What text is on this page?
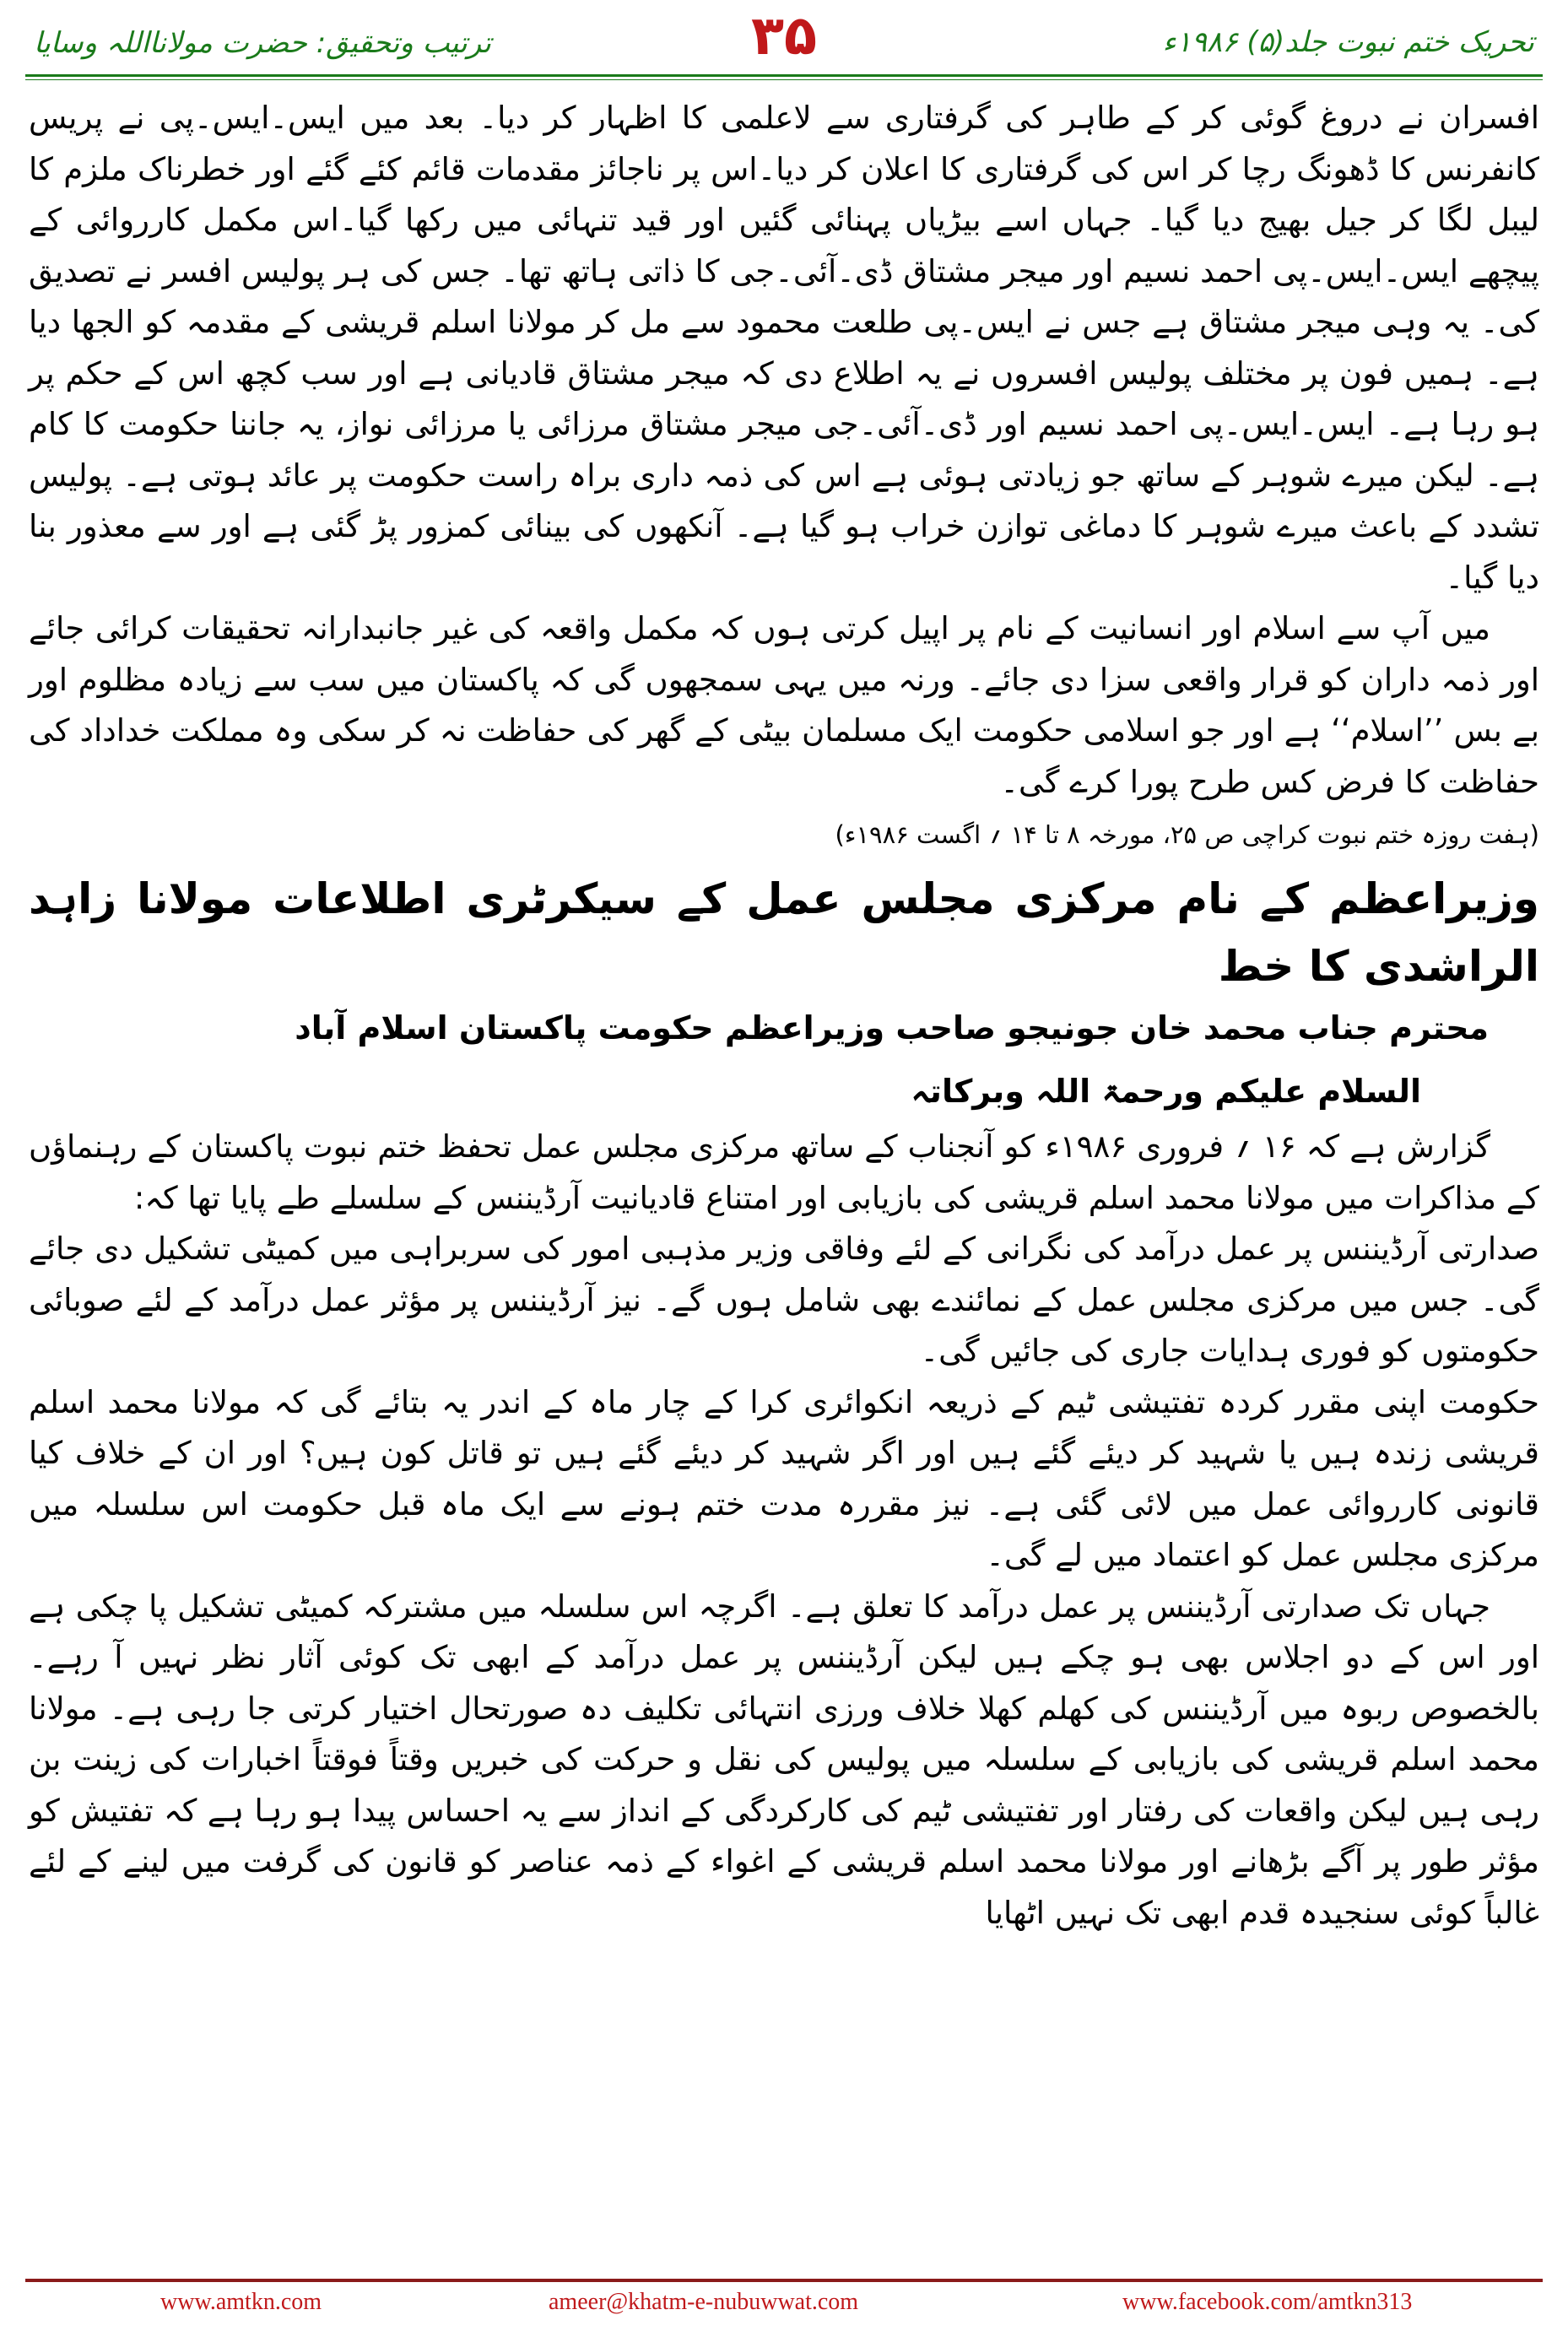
تحریک ختم نبوت جلد(۵) ۱۹۸۶ء
۳۵
ترتیب وتحقیق: حضرت مولانااللہ وسایا

افسران نے دروغ گوئی کر کے طاہر کی گرفتاری سے لاعلمی کا اظہار کر دیا۔ بعد میں ایس۔ایس۔پی نے پریس کانفرنس کا ڈھونگ رچا کر اس کی گرفتاری کا اعلان کر دیا۔اس پر ناجائز مقدمات قائم کئے گئے اور خطرناک ملزم کا لیبل لگا کر جیل بھیج دیا گیا۔ جہاں اسے بیڑیاں پہنائی گئیں اور قید تنہائی میں رکھا گیا۔اس مکمل کارروائی کے پیچھے ایس۔ایس۔پی احمد نسیم اور میجر مشتاق ڈی۔آئی۔جی کا ذاتی ہاتھ تھا۔ جس کی ہر پولیس افسر نے تصدیق کی۔ یہ وہی میجر مشتاق ہے جس نے ایس۔پی طلعت محمود سے مل کر مولانا اسلم قریشی کے مقدمہ کو الجھا دیا ہے۔ ہمیں فون پر مختلف پولیس افسروں نے یہ اطلاع دی کہ میجر مشتاق قادیانی ہے اور سب کچھ اس کے حکم پر ہو رہا ہے۔ ایس۔ایس۔پی احمد نسیم اور ڈی۔آئی۔جی میجر مشتاق مرزائی یا مرزائی نواز، یہ جاننا حکومت کا کام ہے۔ لیکن میرے شوہر کے ساتھ جو زیادتی ہوئی ہے اس کی ذمہ داری براہ راست حکومت پر عائد ہوتی ہے۔ پولیس تشدد کے باعث میرے شوہر کا دماغی توازن خراب ہو گیا ہے۔ آنکھوں کی بینائی کمزور پڑ گئی ہے اور سے معذور بنا دیا گیا۔

میں آپ سے اسلام اور انسانیت کے نام پر اپیل کرتی ہوں کہ مکمل واقعہ کی غیر جانبدارانہ تحقیقات کرائی جائے اور ذمہ داران کو قرار واقعی سزا دی جائے۔ ورنہ میں یہی سمجھوں گی کہ پاکستان میں سب سے زیادہ مظلوم اور بے بس ’’اسلام‘‘ ہے اور جو اسلامی حکومت ایک مسلمان بیٹی کے گھر کی حفاظت نہ کر سکی وہ مملکت خداداد کی حفاظت کا فرض کس طرح پورا کرے گی۔

(ہفت روزہ ختم نبوت کراچی ص ۲۵، مورخہ ۸ تا ۱۴ ؍ اگست ۱۹۸۶ء)

وزیراعظم کے نام مرکزی مجلس عمل کے سیکرٹری اطلاعات مولانا زاہد الراشدی کا خط

محترم جناب محمد خان جونیجو صاحب وزیراعظم حکومت پاکستان اسلام آباد

السلام علیکم ورحمۃ اللہ وبرکاتہ

گزارش ہے کہ ۱۶ ؍ فروری ۱۹۸۶ء کو آنجناب کے ساتھ مرکزی مجلس عمل تحفظ ختم نبوت پاکستان کے رہنماؤں کے مذاکرات میں مولانا محمد اسلم قریشی کی بازیابی اور امتناع قادیانیت آرڈیننس کے سلسلے طے پایا تھا کہ:

صدارتی آرڈیننس پر عمل درآمد کی نگرانی کے لئے وفاقی وزیر مذہبی امور کی سربراہی میں کمیٹی تشکیل دی جائے گی۔ جس میں مرکزی مجلس عمل کے نمائندے بھی شامل ہوں گے۔ نیز آرڈیننس پر مؤثر عمل درآمد کے لئے صوبائی حکومتوں کو فوری ہدایات جاری کی جائیں گی۔

حکومت اپنی مقرر کردہ تفتیشی ٹیم کے ذریعہ انکوائری کرا کے چار ماہ کے اندر یہ بتائے گی کہ مولانا محمد اسلم قریشی زندہ ہیں یا شہید کر دیئے گئے ہیں اور اگر شہید کر دیئے گئے ہیں تو قاتل کون ہیں؟ اور ان کے خلاف کیا قانونی کارروائی عمل میں لائی گئی ہے۔ نیز مقررہ مدت ختم ہونے سے ایک ماہ قبل حکومت اس سلسلہ میں مرکزی مجلس عمل کو اعتماد میں لے گی۔

جہاں تک صدارتی آرڈیننس پر عمل درآمد کا تعلق ہے۔ اگرچہ اس سلسلہ میں مشترکہ کمیٹی تشکیل پا چکی ہے اور اس کے دو اجلاس بھی ہو چکے ہیں لیکن آرڈیننس پر عمل درآمد کے ابھی تک کوئی آثار نظر نہیں آ رہے۔ بالخصوص ربوہ میں آرڈیننس کی کھلم کھلا خلاف ورزی انتہائی تکلیف دہ صورتحال اختیار کرتی جا رہی ہے۔ مولانا محمد اسلم قریشی کی بازیابی کے سلسلہ میں پولیس کی نقل و حرکت کی خبریں وقتاً فوقتاً اخبارات کی زینت بن رہی ہیں لیکن واقعات کی رفتار اور تفتیشی ٹیم کی کارکردگی کے انداز سے یہ احساس پیدا ہو رہا ہے کہ تفتیش کو مؤثر طور پر آگے بڑھانے اور مولانا محمد اسلم قریشی کے اغواء کے ذمہ عناصر کو قانون کی گرفت میں لینے کے لئے غالباً کوئی سنجیدہ قدم ابھی تک نہیں اٹھایا

www.amtkn.com	ameer@khatm-e-nubuwwat.com	www.facebook.com/amtkn313
